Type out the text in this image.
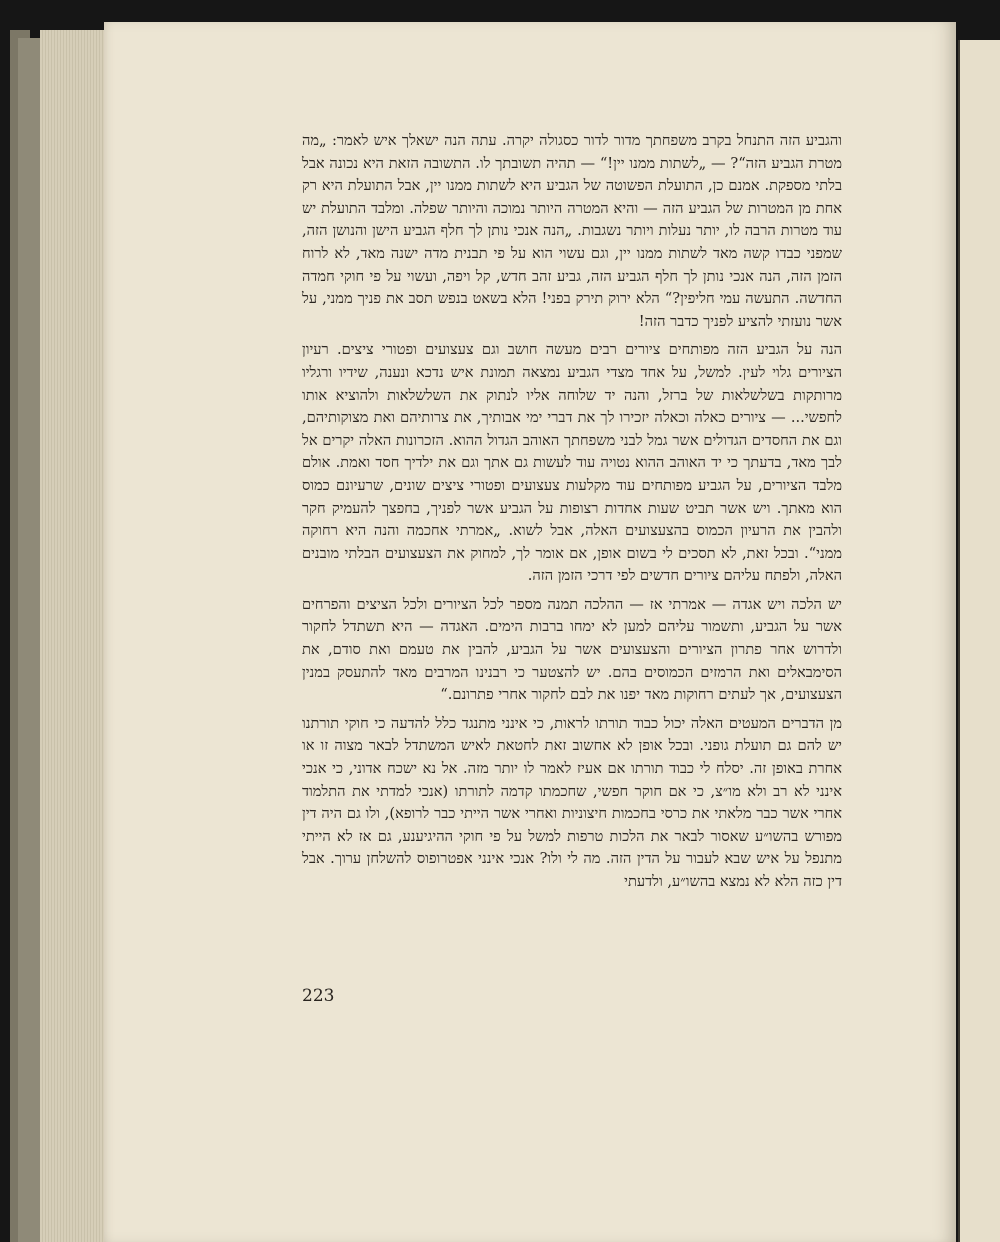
והגביע הזה התנחל בקרב משפחתך מדור לדור כסגולה יקרה. עתה הנה ישאלך איש לאמר: „מה מטרת הגביע הזה“? — „לשתות ממנו יין!“ — תהיה תשובתך לו. התשובה הזאת היא נכונה אבל בלתי מספקת. אמנם כן, התועלת הפשוטה של הגביע היא לשתות ממנו יין, אבל התועלת היא רק אחת מן המטרות של הגביע הזה — והיא המטרה היותר נמוכה והיותר שפלה. ומלבד התועלת יש עוד מטרות הרבה לו, יותר נעלות ויותר נשגבות. „הנה אנכי נותן לך חלף הגביע הישן והנושן הזה, שמפני כבדו קשה מאד לשתות ממנו יין, וגם עשוי הוא על פי תבנית מדה ישנה מאד, לא לרוח הזמן הזה, הנה אנכי נותן לך חלף הגביע הזה, גביע זהב חדש, קל ויפה, ועשוי על פי חוקי חמדה החדשה. התעשה עמי חליפין?“ הלא ירוק תירק בפני! הלא בשאט בנפש תסב את פניך ממני, על אשר נועזתי להציע לפניך כדבר הזה!

הנה על הגביע הזה מפותחים ציורים רבים מעשה חושב וגם צעצועים ופטורי ציצים. רעיון הציורים גלוי לעין. למשל, על אחד מצדי הגביע נמצאה תמונת איש נדכא ונענה, שידיו ורגליו מרותקות בשלשלאות של ברזל, והנה יד שלוחה אליו לנתוק את השלשלאות ולהוציא אותו לחפשי... — ציורים כאלה וכאלה יזכירו לך את דברי ימי אבותיך, את צרותיהם ואת מצוקותיהם, וגם את החסדים הגדולים אשר גמל לבני משפחתך האוהב הגדול ההוא. הזכרונות האלה יקרים אל לבך מאד, בדעתך כי יד האוהב ההוא נטויה עוד לעשות גם אתך וגם את ילדיך חסד ואמת. אולם מלבד הציורים, על הגביע מפותחים עוד מקלעות צעצועים ופטורי ציצים שונים, שרעיונם כמוס הוא מאתך. ויש אשר תביט שעות אחדות רצופות על הגביע אשר לפניך, בחפצך להעמיק חקר ולהבין את הרעיון הכמוס בהצעצועים האלה, אבל לשוא. „אמרתי אחכמה והנה היא רחוקה ממני“. ובכל זאת, לא תסכים לי בשום אופן, אם אומר לך, למחוק את הצעצועים הבלתי מובנים האלה, ולפתח עליהם ציורים חדשים לפי דרכי הזמן הזה.

יש הלכה ויש אגדה — אמרתי אז — ההלכה תמנה מספר לכל הציורים ולכל הציצים והפרחים אשר על הגביע, ותשמור עליהם למען לא ימחו ברבות הימים. האגדה — היא תשתדל לחקור ולדרוש אחר פתרון הציורים והצעצועים אשר על הגביע, להבין את טעמם ואת סודם, את הסימבאלים ואת הרמזים הכמוסים בהם. יש להצטער כי רבנינו המרבים מאד להתעסק במנין הצעצועים, אך לעתים רחוקות מאד יפנו את לבם לחקור אחרי פתרונם.“

מן הדברים המעטים האלה יכול כבוד תורתו לראות, כי אינני מתנגד כלל להדעה כי חוקי תורתנו יש להם גם תועלת גופני. ובכל אופן לא אחשוב זאת לחטאת לאיש המשתדל לבאר מצוה זו או אחרת באופן זה. יסלח לי כבוד תורתו אם אעיז לאמר לו יותר מזה. אל נא ישכח אדוני, כי אנכי אינני לא רב ולא מו״צ, כי אם חוקר חפשי, שחכמתו קדמה לתורתו (אנכי למדתי את התלמוד אחרי אשר כבר מלאתי את כרסי בחכמות חיצוניות ואחרי אשר הייתי כבר לרופא), ולו גם היה דין מפורש בהשו״ע שאסור לבאר את הלכות טרפות למשל על פי חוקי ההיגיענע, גם אז לא הייתי מתנפל על איש שבא לעבור על הדין הזה. מה לי ולו? אנכי אינני אפטרופוס להשלחן ערוך. אבל דין כזה הלא לא נמצא בהשו״ע, ולדעתי

223
